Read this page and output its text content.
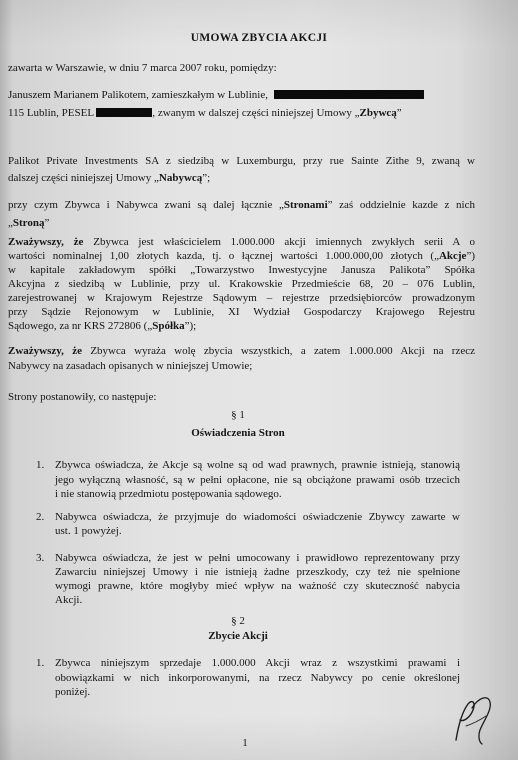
UMOWA ZBYCIA AKCJI
zawarta w Warszawie, w dniu 7 marca 2007 roku, pomiędzy:
Januszem Marianem Palikotem, zamieszkałym w Lublinie,
115 Lublin, PESEL	, zwanym w dalszej części niniejszej Umowy „Zbywcą”
Palikot Private Investments SA z siedzibą w Luxemburgu, przy rue Sainte Zithe 9, zwaną w
dalszej części niniejszej Umowy „Nabywcą”;
przy czym Zbywca i Nabywca zwani są dalej łącznie „Stronami” zaś oddzielnie kazde z nich
„Stroną”
Zważywszy, że Zbywca jest właścicielem 1.000.000 akcji imiennych zwykłych serii A o
wartości nominalnej 1,00 złotych kazda, tj. o łącznej wartości 1.000.000,00 złotych („Akcje”)
w kapitale zakładowym spółki „Towarzystwo Inwestycyjne Janusza Palikota” Spółka
Akcyjna z siedzibą w Lublinie, przy ul. Krakowskie Przedmieście 68, 20 – 076 Lublin,
zarejestrowanej w Krajowym Rejestrze Sądowym – rejestrze przedsiębiorców prowadzonym
przy Sądzie Rejonowym w Lublinie, XI Wydział Gospodarczy Krajowego Rejestru
Sądowego, za nr KRS 272806 („Spółka”);
Zważywszy, że Zbywca wyraża wolę zbycia wszystkich, a zatem 1.000.000 Akcji na rzecz
Nabywcy na zasadach opisanych w niniejszej Umowie;
Strony postanowiły, co następuje:
§ 1
Oświadczenia Stron
1. Zbywca oświadcza, że Akcje są wolne są od wad prawnych, prawnie istnieją, stanowią
jego wyłączną własność, są w pełni opłacone, nie są obciążone prawami osób trzecich
i nie stanowią przedmiotu postępowania sądowego.
2. Nabywca oświadcza, że przyjmuje do wiadomości oświadczenie Zbywcy zawarte w
ust. 1 powyżej.
3. Nabywca oświadcza, że jest w pełni umocowany i prawidłowo reprezentowany przy
Zawarciu niniejszej Umowy i nie istnieją żadne przeszkody, czy też nie spełnione
wymogi prawne, które mogłyby mieć wpływ na ważność czy skuteczność nabycia
Akcji.
§ 2
Zbycie Akcji
1. Zbywca niniejszym sprzedaje 1.000.000 Akcji wraz z wszystkimi prawami i
obowiązkami w nich inkorporowanymi, na rzecz Nabywcy po cenie określonej
poniżej.
1
